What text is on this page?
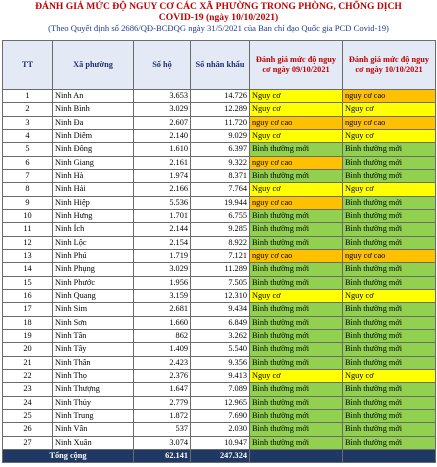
ĐÁNH GIÁ MỨC ĐỘ NGUY CƠ CÁC XÃ PHƯỜNG TRONG PHÒNG, CHỐNG DỊCH

COVID-19 (ngày 10/10/2021)

(Theo Quyết định số 2686/QĐ-BCĐQG ngày 31/5/2021 của Ban chỉ đạo Quốc gia PCD Covid-19)

TT	Xã phường	Số hộ	Số nhân khẩu	Đánh giá mức độ nguy cơ ngày 09/10/2021	Đánh giá mức độ nguy cơ ngày 10/10/2021
1	Ninh An	3.653	14.726	Nguy cơ	nguy cơ cao
2	Ninh Bình	3.029	12.289	Nguy cơ	Nguy cơ
3	Ninh Đa	2.607	11.720	nguy cơ cao	nguy cơ cao
4	Ninh Diêm	2.140	9.029	Nguy cơ	Nguy cơ
5	Ninh Đông	1.610	6.397	Bình thường mới	Bình thường mới
6	Ninh Giang	2.161	9.322	nguy cơ cao	Bình thường mới
7	Ninh Hà	1.974	8.371	Bình thường mới	Bình thường mới
8	Ninh Hải	2.166	7.764	Nguy cơ	Nguy cơ
9	Ninh Hiệp	5.536	19.944	nguy cơ cao	Bình thường mới
10	Ninh Hưng	1.701	6.755	Bình thường mới	Bình thường mới
11	Ninh Ích	2.144	9.285	Bình thường mới	Bình thường mới
12	Ninh Lộc	2.154	8.922	Bình thường mới	Bình thường mới
13	Ninh Phú	1.719	7.121	nguy cơ cao	nguy cơ cao
14	Ninh Phụng	3.029	11.289	Bình thường mới	Bình thường mới
15	Ninh Phước	1.956	7.505	Bình thường mới	Bình thường mới
16	Ninh Quang	3.159	12.310	Nguy cơ	Nguy cơ
17	Ninh Sim	2.681	9.434	Bình thường mới	Bình thường mới
18	Ninh Sơn	1.660	6.849	Bình thường mới	Bình thường mới
19	Ninh Tân	862	3.262	Bình thường mới	Bình thường mới
20	Ninh Tây	1.409	5.540	Bình thường mới	Bình thường mới
21	Ninh Thân	2.423	9.356	Bình thường mới	Bình thường mới
22	Ninh Thọ	2.376	9.413	Nguy cơ	Nguy cơ
23	Ninh Thượng	1.647	7.089	Bình thường mới	Bình thường mới
24	Ninh Thủy	2.779	12.965	Bình thường mới	Bình thường mới
25	Ninh Trung	1.872	7.690	Bình thường mới	Bình thường mới
26	Ninh Vân	537	2.030	Bình thường mới	Bình thường mới
27	Ninh Xuân	3.074	10.947	Bình thường mới	Bình thường mới
Tổng cộng		62.141	247.324		
